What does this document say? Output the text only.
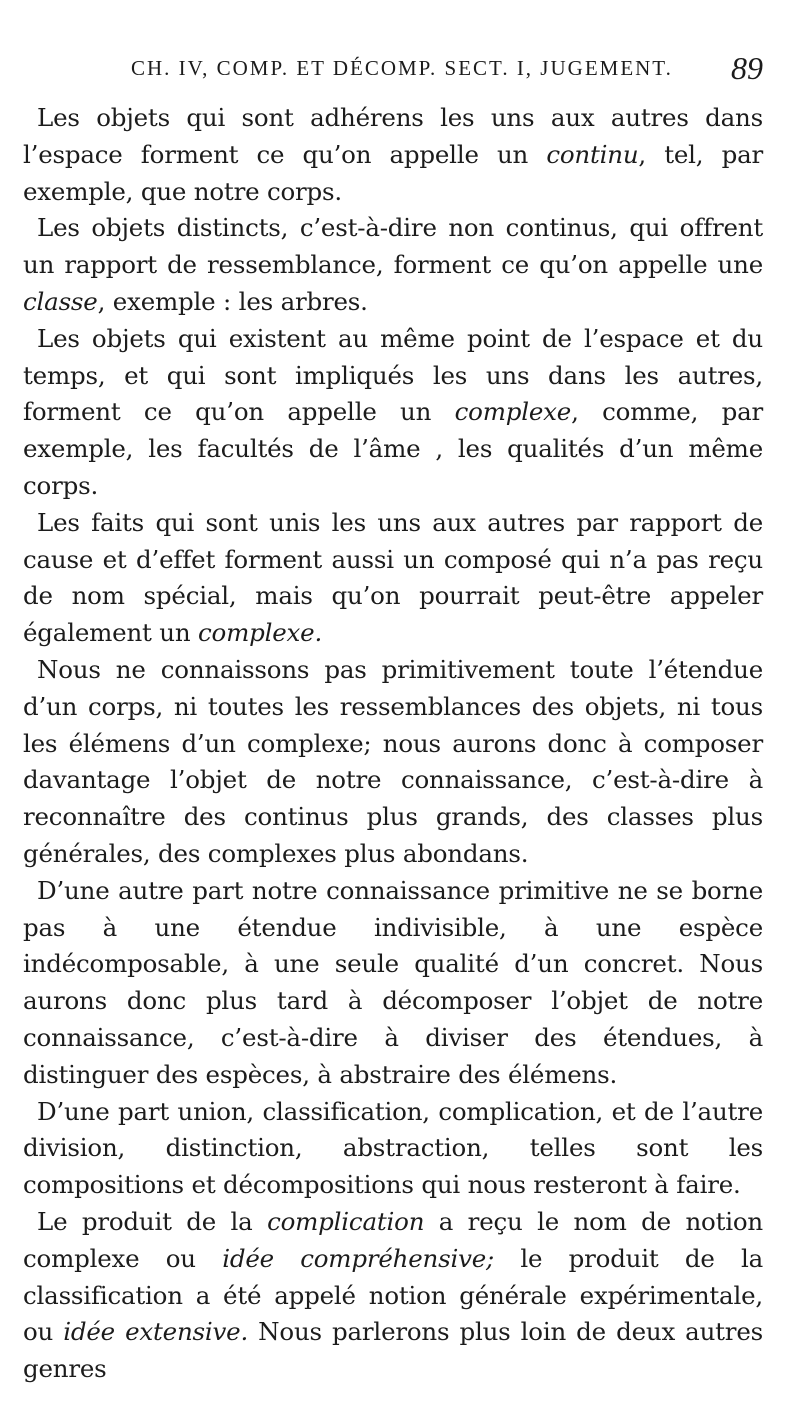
CH. IV, COMP. ET DÉCOMP. SECT. I, JUGEMENT. 89

Les objets qui sont adhérens les uns aux autres dans l’espace forment ce qu’on appelle un continu, tel, par exemple, que notre corps.

Les objets distincts, c’est-à-dire non continus, qui offrent un rapport de ressemblance, forment ce qu’on appelle une classe, exemple : les arbres.

Les objets qui existent au même point de l’espace et du temps, et qui sont impliqués les uns dans les autres, forment ce qu’on appelle un complexe, comme, par exemple, les facultés de l’âme , les qualités d’un même corps.

Les faits qui sont unis les uns aux autres par rapport de cause et d’effet forment aussi un composé qui n’a pas reçu de nom spécial, mais qu’on pourrait peut-être appeler également un complexe.

Nous ne connaissons pas primitivement toute l’étendue d’un corps, ni toutes les ressemblances des objets, ni tous les élémens d’un complexe; nous aurons donc à composer davantage l’objet de notre connaissance, c’est-à-dire à reconnaître des continus plus grands, des classes plus générales, des complexes plus abondans.

D’une autre part notre connaissance primitive ne se borne pas à une étendue indivisible, à une espèce indécomposable, à une seule qualité d’un concret. Nous aurons donc plus tard à décomposer l’objet de notre connaissance, c’est-à-dire à diviser des étendues, à distinguer des espèces, à abstraire des élémens.

D’une part union, classification, complication, et de l’autre division, distinction, abstraction, telles sont les compositions et décompositions qui nous resteront à faire.

Le produit de la complication a reçu le nom de notion complexe ou idée compréhensive; le produit de la classification a été appelé notion générale expérimentale, ou idée extensive. Nous parlerons plus loin de deux autres genres
